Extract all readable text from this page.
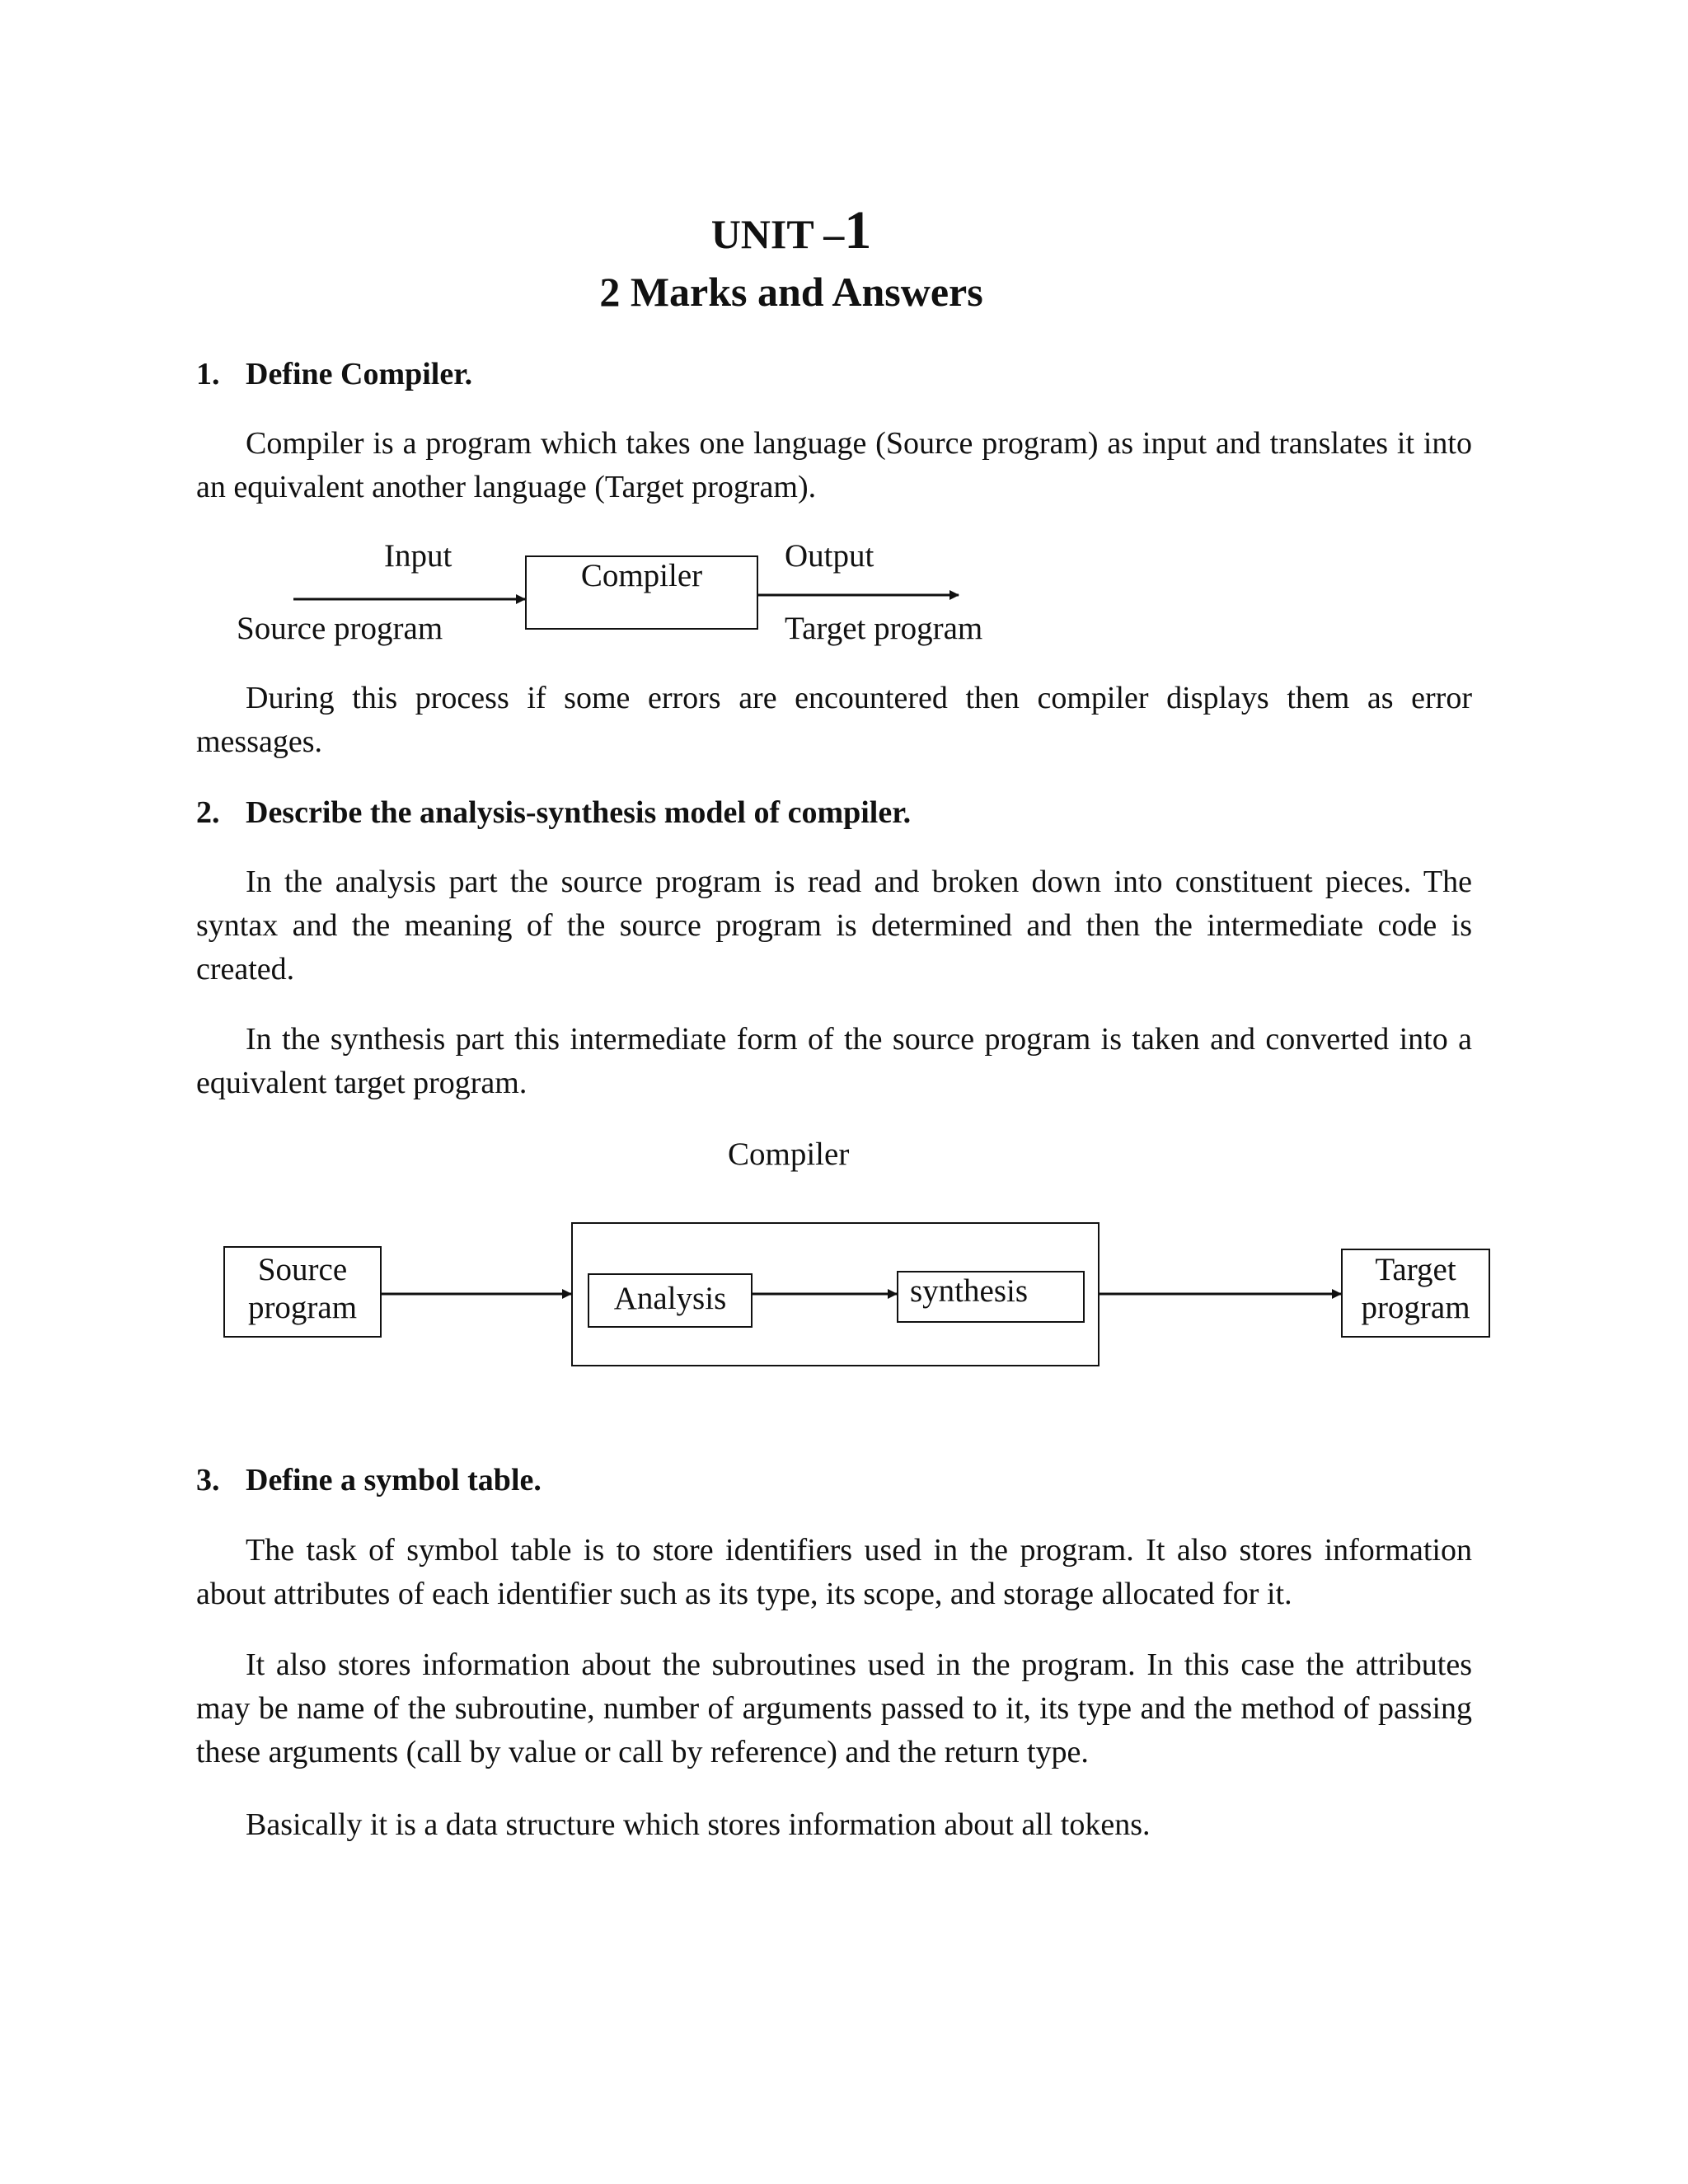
UNIT –1
2 Marks and Answers
1. Define Compiler.
Compiler is a program which takes one language (Source program) as input and translates it into an equivalent another language (Target program).
Input
Source program
Compiler
Output
Target program
During this process if some errors are encountered then compiler displays them as error messages.
2. Describe the analysis-synthesis model of compiler.
In the analysis part the source program is read and broken down into constituent pieces. The syntax and the meaning of the source program is determined and then the intermediate code is created.
In the synthesis part this intermediate form of the source program is taken and converted into a equivalent target program.
Compiler
Source
program	Analysis	synthesis
Target
program
3. Define a symbol table.
The task of symbol table is to store identifiers used in the program. It also stores information about attributes of each identifier such as its type, its scope, and storage allocated for it.
It also stores information about the subroutines used in the program. In this case the attributes may be name of the subroutine, number of arguments passed to it, its type and the method of passing these arguments (call by value or call by reference) and the return type.
Basically it is a data structure which stores information about all tokens.
